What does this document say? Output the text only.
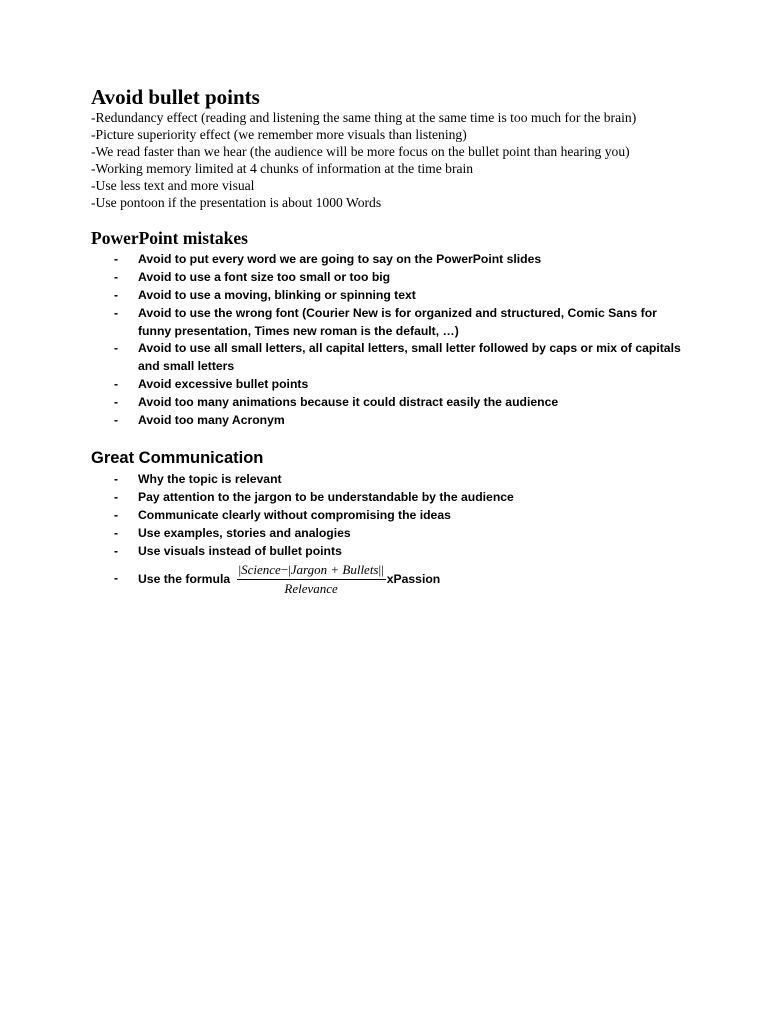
Avoid bullet points
-Redundancy effect (reading and listening the same thing at the same time is too much for the brain)
-Picture superiority effect (we remember more visuals than listening)
-We read faster than we hear (the audience will be more focus on the bullet point than hearing you)
-Working memory limited at 4 chunks of information at the time brain
-Use less text and more visual
-Use pontoon if the presentation is about 1000 Words
PowerPoint mistakes
- Avoid to put every word we are going to say on the PowerPoint slides
- Avoid to use a font size too small or too big
- Avoid to use a moving, blinking or spinning text
- Avoid to use the wrong font (Courier New is for organized and structured, Comic Sans for funny presentation, Times new roman is the default, …)
- Avoid to use all small letters, all capital letters, small letter followed by caps or mix of capitals and small letters
- Avoid excessive bullet points
- Avoid too many animations because it could distract easily the audience
- Avoid too many Acronym
Great Communication
- Why the topic is relevant
- Pay attention to the jargon to be understandable by the audience
- Communicate clearly without compromising the ideas
- Use examples, stories and analogies
- Use visuals instead of bullet points
- Use the formula $\frac{\text{|Science−|Jargon + Bullets||}}{\text{Relevance}}$ xPassion
